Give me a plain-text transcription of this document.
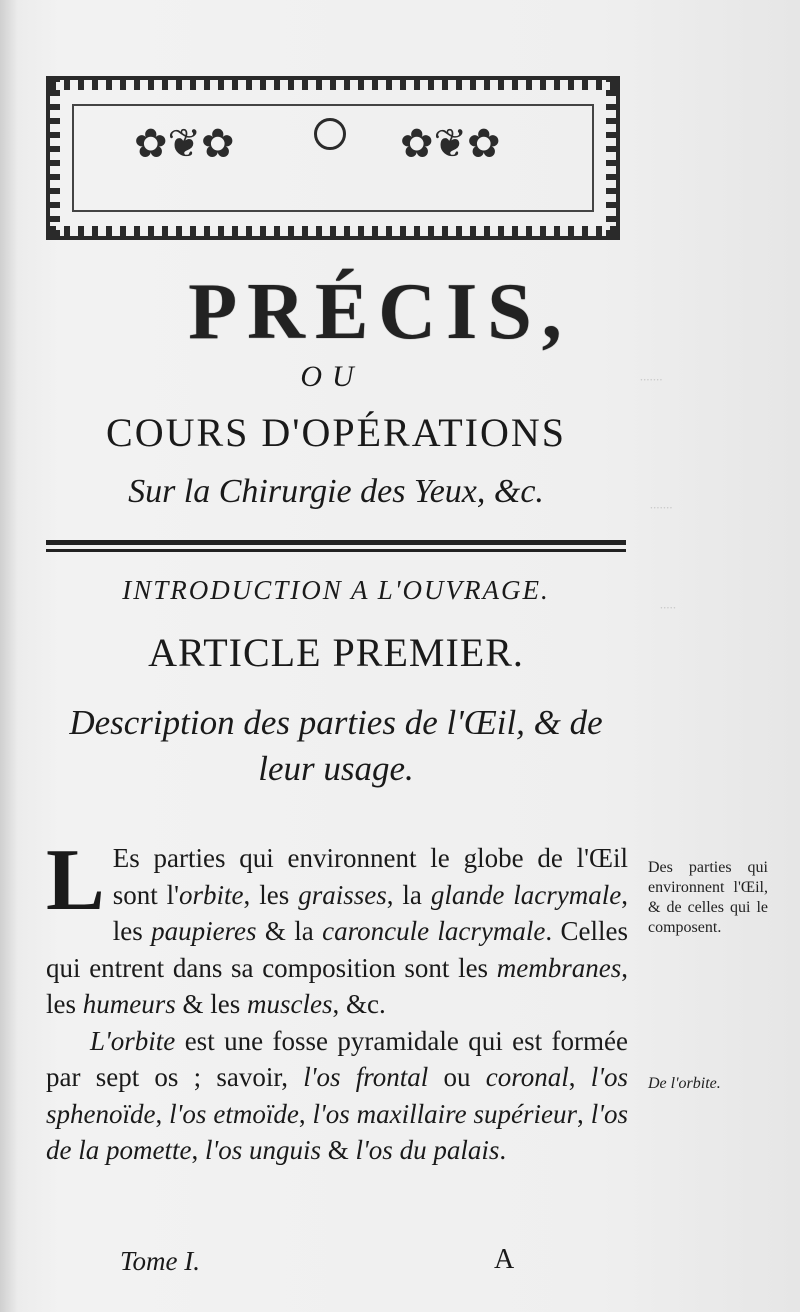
·······
·······
·····
✿❦✿	✿❦✿
PRÉCIS,
OU
COURS D'OPÉRATIONS
Sur la Chirurgie des Yeux, &c.
INTRODUCTION A L'OUVRAGE.
ARTICLE PREMIER.
Description des parties de l'Œil, & de leur usage.

L Es parties qui environnent le globe de l'Œil sont l'orbite, les graisses, la glande lacrymale, les paupieres & la caroncule lacrymale. Celles qui entrent dans sa composition sont les membranes, les humeurs & les muscles, &c.

L'orbite est une fosse pyramidale qui est formée par sept os ; savoir, l'os frontal ou coronal, l'os sphenoïde, l'os etmoïde, l'os maxillaire supérieur, l'os de la pomette, l'os unguis & l'os du palais.

Des parties qui environnent l'Œil, & de celles qui le composent.
De l'orbite.
Tome I.	A
